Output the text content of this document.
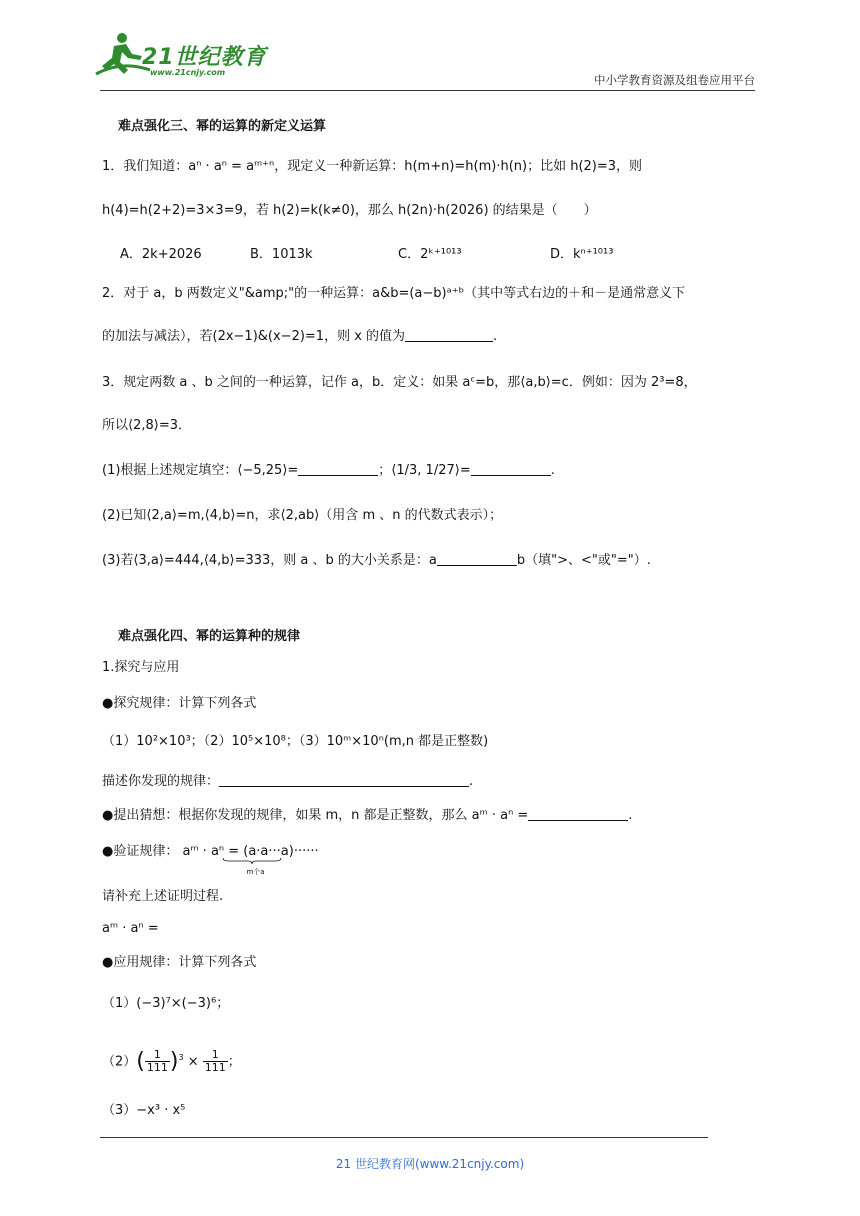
21世纪教育
www.21cnjy.com
中小学教育资源及组卷应用平台
难点强化三、幂的运算的新定义运算
1．我们知道：aⁿ · aⁿ = aᵐ⁺ⁿ，现定义一种新运算：h(m+n)=h(m)·h(n)；比如 h(2)=3，则
h(4)=h(2+2)=3×3=9，若 h(2)=k(k≠0)，那么 h(2n)·h(2026) 的结果是（　　）
A．2k+2026	B．1013k	C．2ᵏ⁺¹⁰¹³	D．kⁿ⁺¹⁰¹³
2．对于 a，b 两数定义"&amp;"的一种运算：a&b=(a−b)ᵃ⁺ᵇ（其中等式右边的＋和－是通常意义下
的加法与减法），若(2x−1)&(x−2)=1，则 x 的值为	.
3．规定两数 a 、b 之间的一种运算，记作 a，b．定义：如果 aᶜ=b，那⟨a,b⟩=c．例如：因为 2³=8，
所以⟨2,8⟩=3．
(1)根据上述规定填空：⟨−5,25⟩=	；⟨1/3, 1/27⟩=	.
(2)已知⟨2,a⟩=m,⟨4,b⟩=n，求⟨2,ab⟩（用含 m 、n 的代数式表示）；
(3)若⟨3,a⟩=444,⟨4,b⟩=333，则 a 、b 的大小关系是：a	b（填">、<"或"="）.
难点强化四、幂的运算种的规律
1.探究与应用
●探究规律：计算下列各式
（1）10²×10³；（2）10⁵×10⁸；（3）10ᵐ×10ⁿ(m,n 都是正整数)
描述你发现的规律：	.
●提出猜想：根据你发现的规律，如果 m，n 都是正整数，那么 aᵐ · aⁿ =	.
●验证规律： aᵐ · aⁿ = (a·a···a)······
m个a
请补充上述证明过程.
aᵐ · aⁿ =
●应用规律：计算下列各式
（1）(−3)⁷×(−3)⁶；
$(2)( \frac{1}{111} )^3 \times \frac{1}{111}$ ；
（3）−x³ · x⁵
21 世纪教育网(www.21cnjy.com)
